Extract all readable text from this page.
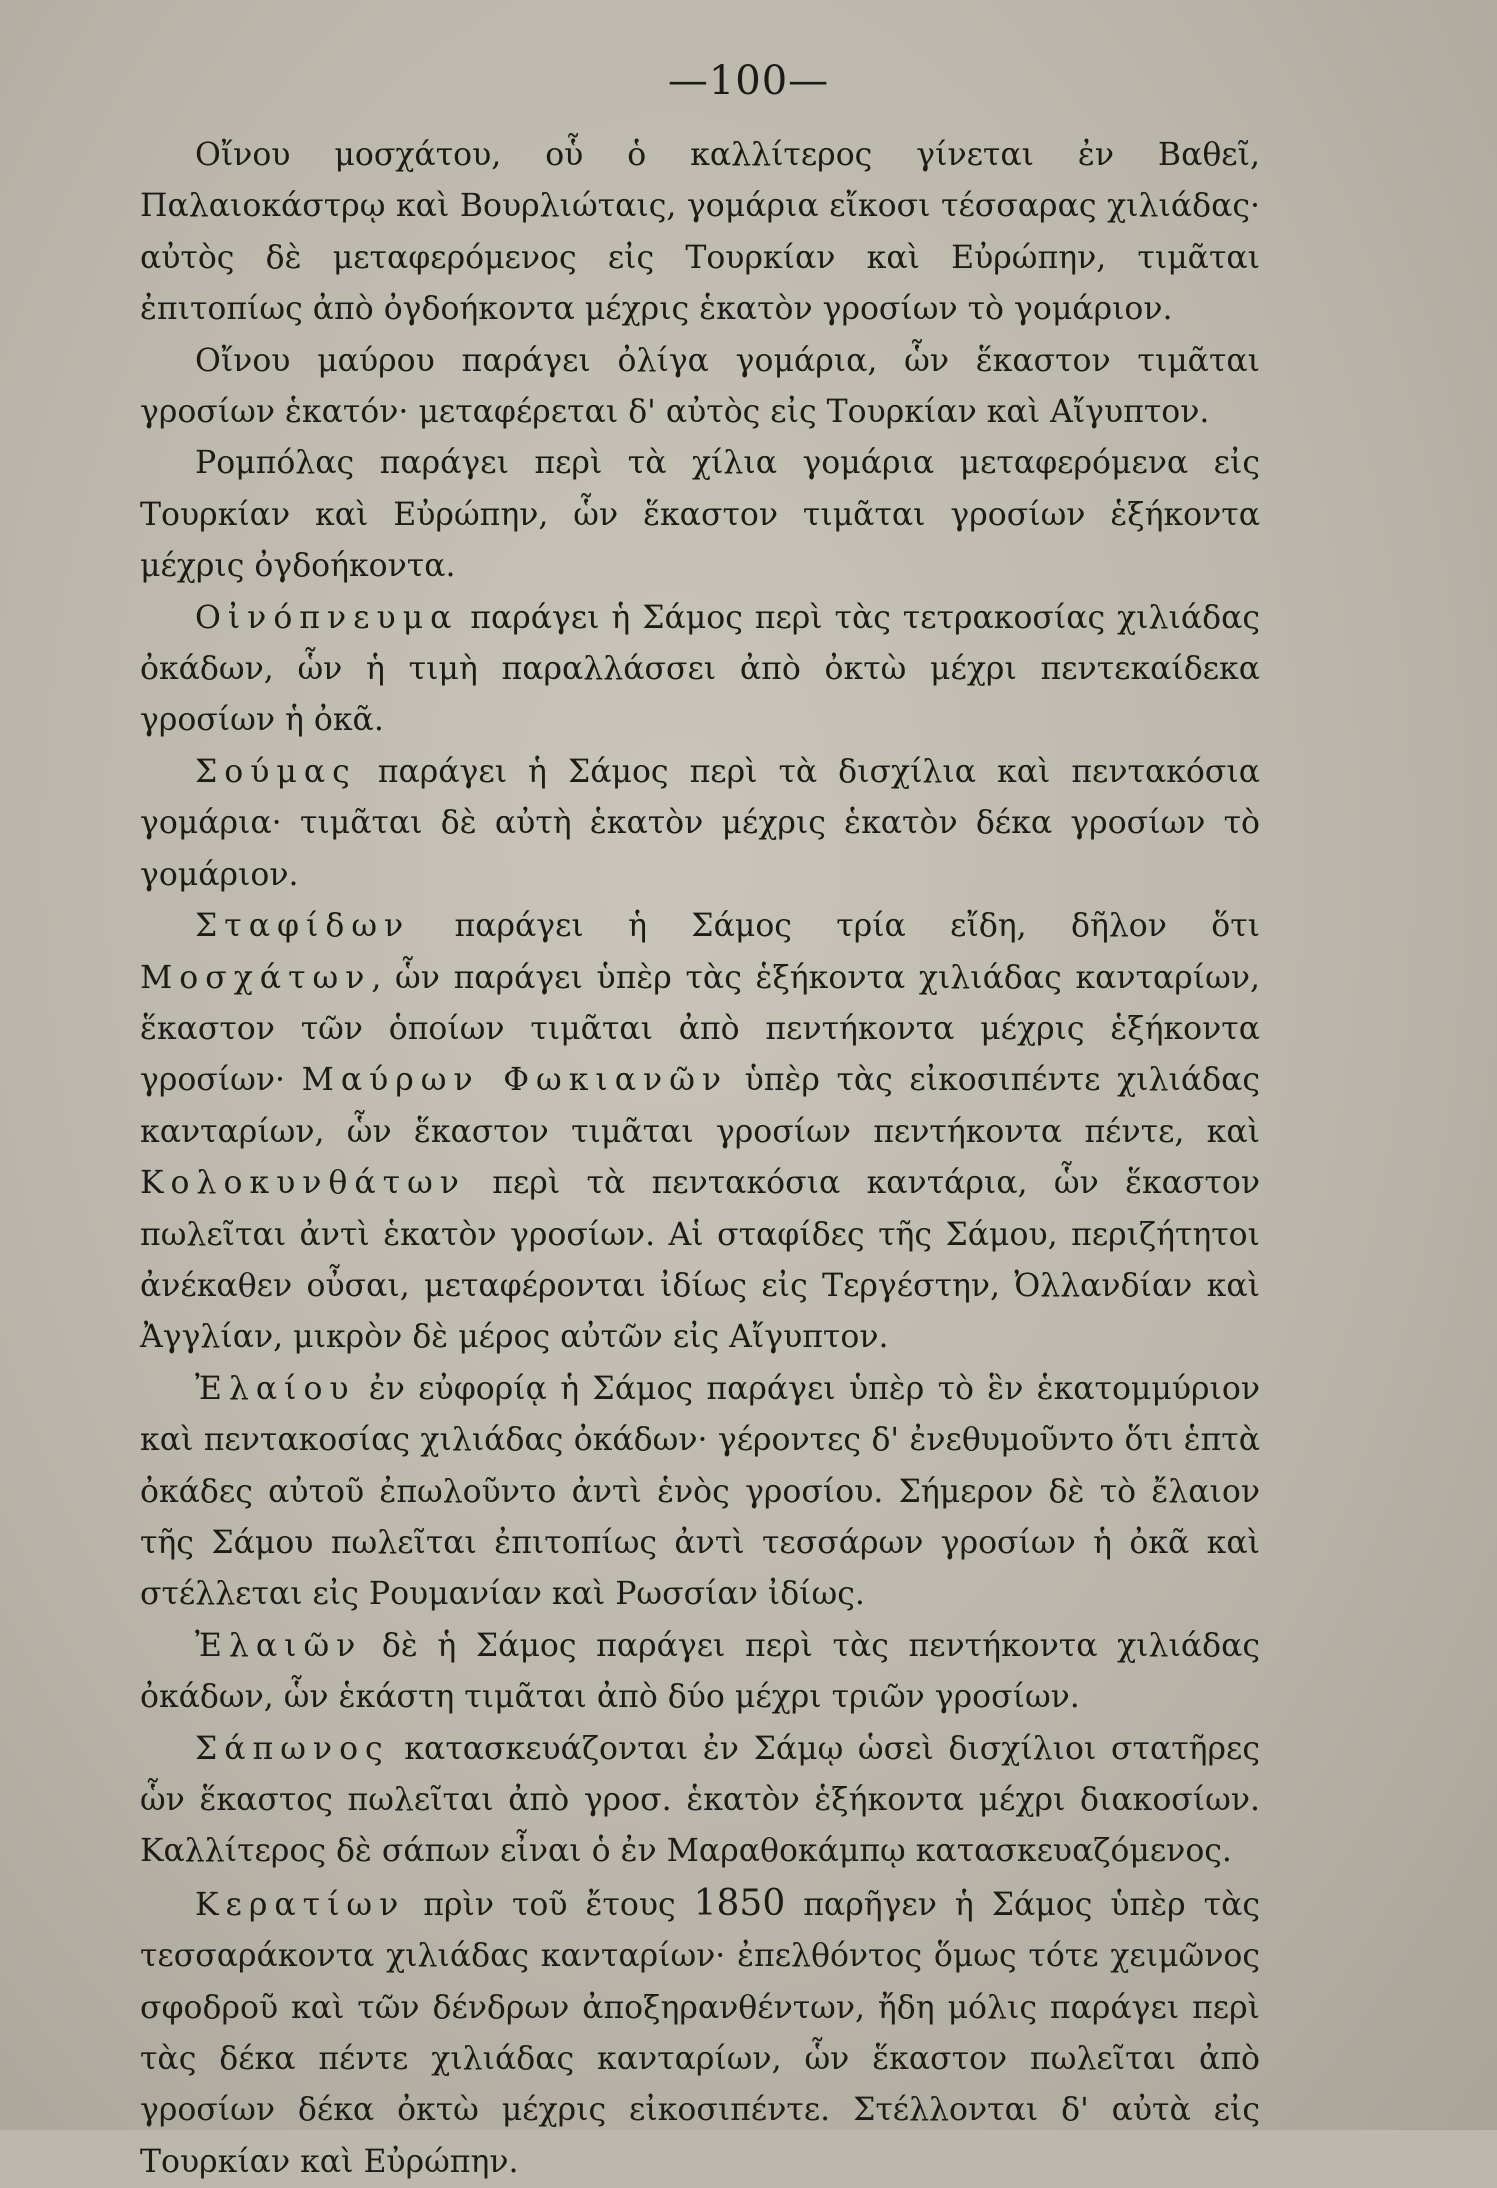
—100—

Οἴνου μοσχάτου, οὗ ὁ καλλίτερος γίνεται ἐν Βαθεῖ, Παλαιοκάστρῳ καὶ Βουρλιώταις, γομάρια εἴκοσι τέσσαρας χιλιάδας· αὐτὸς δὲ μεταφερόμενος εἰς Τουρκίαν καὶ Εὐρώπην, τιμᾶται ἐπιτοπίως ἀπὸ ὀγδοήκοντα μέχρις ἑκατὸν γροσίων τὸ γομάριον.

Οἴνου μαύρου παράγει ὀλίγα γομάρια, ὧν ἕκαστον τιμᾶται γροσίων ἑκατόν· μεταφέρεται δ' αὐτὸς εἰς Τουρκίαν καὶ Αἴγυπτον.

Ρομπόλας παράγει περὶ τὰ χίλια γομάρια μεταφερόμενα εἰς Τουρκίαν καὶ Εὐρώπην, ὧν ἕκαστον τιμᾶται γροσίων ἑξήκοντα μέχρις ὀγδοήκοντα.

Οἰνόπνευμα παράγει ἡ Σάμος περὶ τὰς τετρακοσίας χιλιάδας ὀκάδων, ὧν ἡ τιμὴ παραλλάσσει ἀπὸ ὀκτὼ μέχρι πεντεκαίδεκα γροσίων ἡ ὀκᾶ.

Σούμας παράγει ἡ Σάμος περὶ τὰ δισχίλια καὶ πεντακόσια γομάρια· τιμᾶται δὲ αὐτὴ ἑκατὸν μέχρις ἑκατὸν δέκα γροσίων τὸ γομάριον.

Σταφίδων παράγει ἡ Σάμος τρία εἴδη, δῆλον ὅτι Μοσχάτων, ὧν παράγει ὑπὲρ τὰς ἑξήκοντα χιλιάδας κανταρίων, ἕκαστον τῶν ὁποίων τιμᾶται ἀπὸ πεντήκοντα μέχρις ἑξήκοντα γροσίων· Μαύρων Φωκιανῶν ὑπὲρ τὰς εἰκοσιπέντε χιλιάδας κανταρίων, ὧν ἕκαστον τιμᾶται γροσίων πεντήκοντα πέντε, καὶ Κολοκυνθάτων περὶ τὰ πεντακόσια καντάρια, ὧν ἕκαστον πωλεῖται ἀντὶ ἑκατὸν γροσίων. Αἱ σταφίδες τῆς Σάμου, περιζήτητοι ἀνέκαθεν οὖσαι, μεταφέρονται ἰδίως εἰς Τεργέστην, Ὀλλανδίαν καὶ Ἀγγλίαν, μικρὸν δὲ μέρος αὐτῶν εἰς Αἴγυπτον.

Ἐλαίου ἐν εὐφορίᾳ ἡ Σάμος παράγει ὑπὲρ τὸ ἓν ἑκατομμύριον καὶ πεντακοσίας χιλιάδας ὀκάδων· γέροντες δ' ἐνεθυμοῦντο ὅτι ἑπτὰ ὀκάδες αὐτοῦ ἐπωλοῦντο ἀντὶ ἑνὸς γροσίου. Σήμερον δὲ τὸ ἔλαιον τῆς Σάμου πωλεῖται ἐπιτοπίως ἀντὶ τεσσάρων γροσίων ἡ ὀκᾶ καὶ στέλλεται εἰς Ρουμανίαν καὶ Ρωσσίαν ἰδίως.

Ἐλαιῶν δὲ ἡ Σάμος παράγει περὶ τὰς πεντήκοντα χιλιάδας ὀκάδων, ὧν ἑκάστη τιμᾶται ἀπὸ δύο μέχρι τριῶν γροσίων.

Σάπωνος κατασκευάζονται ἐν Σάμῳ ὡσεὶ δισχίλιοι στατῆρες ὧν ἕκαστος πωλεῖται ἀπὸ γροσ. ἑκατὸν ἑξήκοντα μέχρι διακοσίων. Καλλίτερος δὲ σάπων εἶναι ὁ ἐν Μαραθοκάμπῳ κατασκευαζόμενος.

Κερατίων πρὶν τοῦ ἔτους 1850 παρῆγεν ἡ Σάμος ὑπὲρ τὰς τεσσαράκοντα χιλιάδας κανταρίων· ἐπελθόντος ὅμως τότε χειμῶνος σφοδροῦ καὶ τῶν δένδρων ἀποξηρανθέντων, ἤδη μόλις παράγει περὶ τὰς δέκα πέντε χιλιάδας κανταρίων, ὧν ἕκαστον πωλεῖται ἀπὸ γροσίων δέκα ὀκτὼ μέχρις εἰκοσιπέντε. Στέλλονται δ' αὐτὰ εἰς Τουρκίαν καὶ Εὐρώπην.
